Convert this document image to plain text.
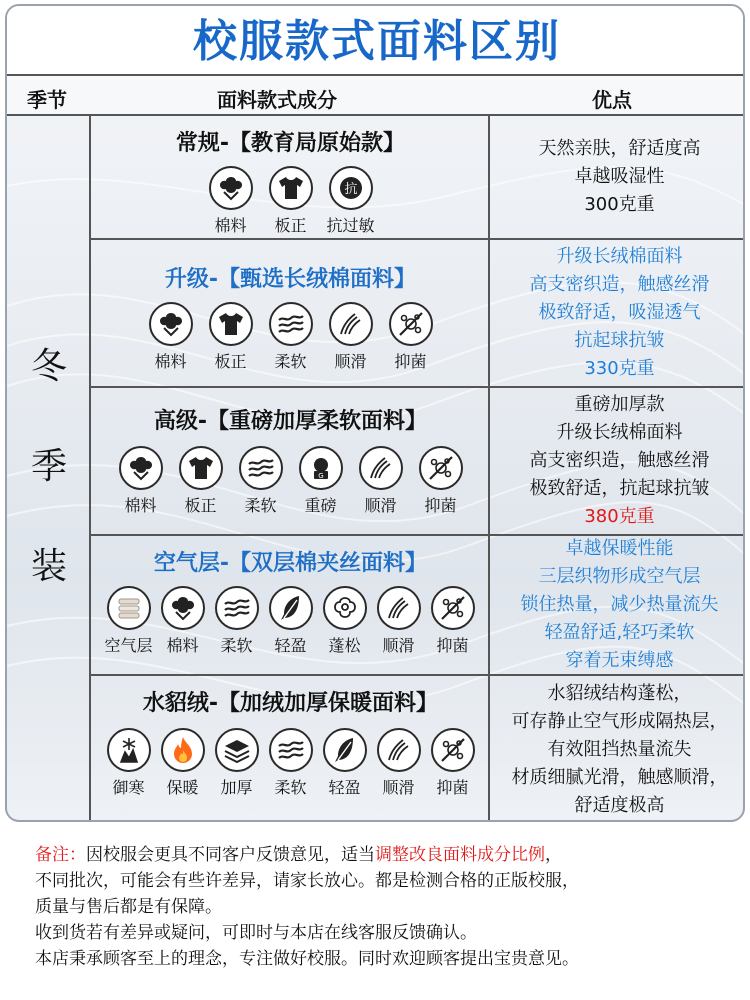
校服款式面料区别
季节	面料款式成分	优点
冬
季
装
常规-【教育局原始款】
棉料 板正
抗
抗过敏
天然亲肤，舒适度高
卓越吸湿性
300克重
升级-【甄选长绒棉面料】
棉料 板正 柔软 顺滑 抑菌
升级长绒棉面料
高支密织造，触感丝滑
极致舒适，吸湿透气
抗起球抗皱
330克重
高级-【重磅加厚柔软面料】
棉料 板正 柔软
G
重磅 顺滑 抑菌
重磅加厚款
升级长绒棉面料
高支密织造，触感丝滑
极致舒适，抗起球抗皱
380克重
空气层-【双层棉夹丝面料】
空气层 棉料 柔软 轻盈 蓬松 顺滑 抑菌
卓越保暖性能
三层织物形成空气层
锁住热量，减少热量流失
轻盈舒适,轻巧柔软
穿着无束缚感
水貂绒-【加绒加厚保暖面料】
御寒 保暖 加厚 柔软 轻盈 顺滑 抑菌
水貂绒结构蓬松，
可存静止空气形成隔热层，
有效阻挡热量流失
材质细腻光滑，触感顺滑，
舒适度极高
备注：因校服会更具不同客户反馈意见，适当调整改良面料成分比例，
不同批次，可能会有些许差异，请家长放心。都是检测合格的正版校服，
质量与售后都是有保障。
收到货若有差异或疑问，可即时与本店在线客服反馈确认。
本店秉承顾客至上的理念，专注做好校服。同时欢迎顾客提出宝贵意见。
